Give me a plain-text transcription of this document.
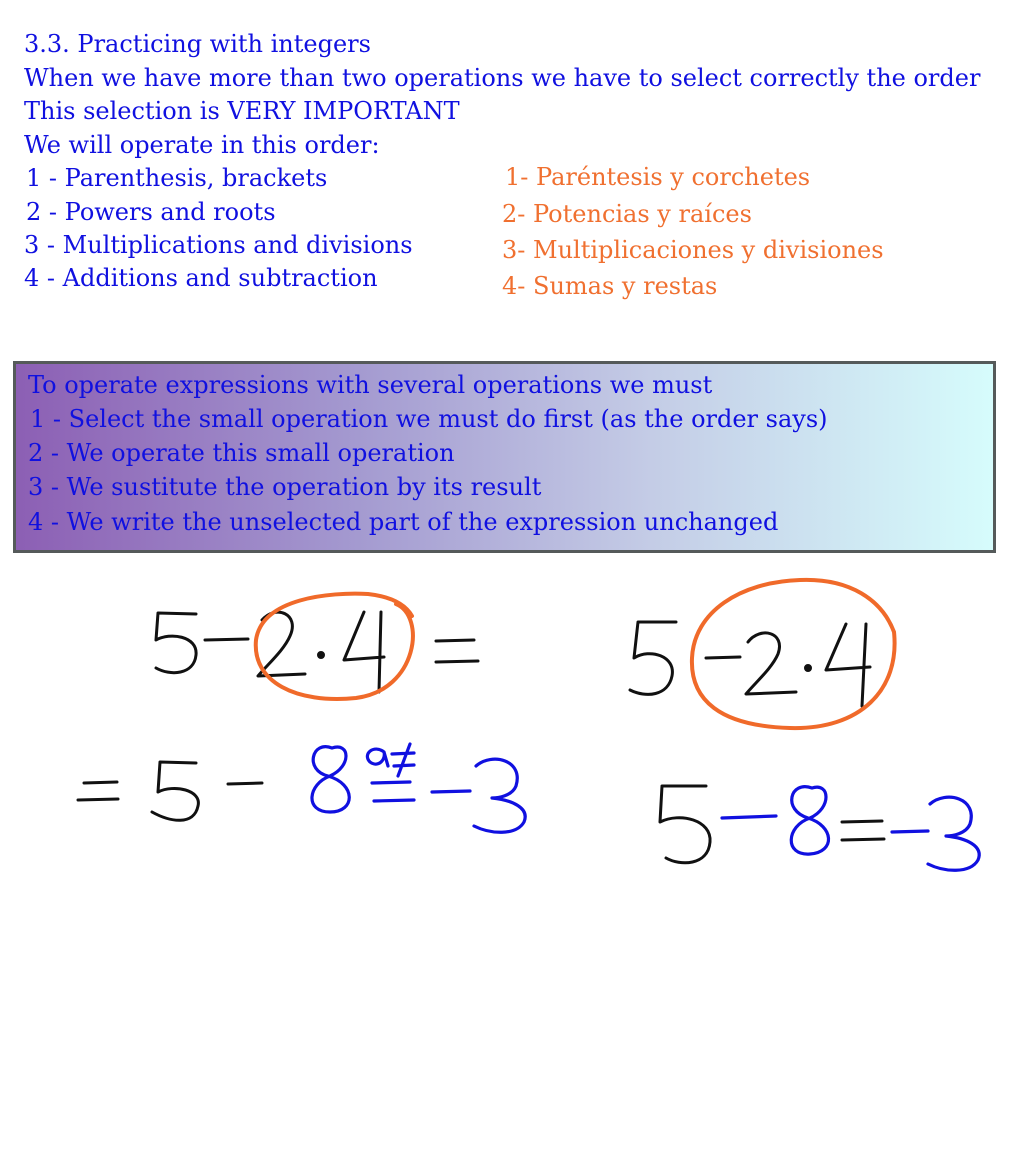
3.3. Practicing with integers
When we have more than two operations we have to select correctly the order
This selection is VERY IMPORTANT
We will operate in this order:
1 - Parenthesis, brackets
2 - Powers and roots
3 - Multiplications and divisions
4 - Additions and subtraction
1- Paréntesis y corchetes
2- Potencias y raíces
3- Multiplicaciones y divisiones
4- Sumas y restas
To operate expressions with several operations we must
1 - Select the small operation we must do first (as the order says)
2 - We operate this small operation
3 - We sustitute the operation by its result
4 - We write the unselected part of the expression unchanged
